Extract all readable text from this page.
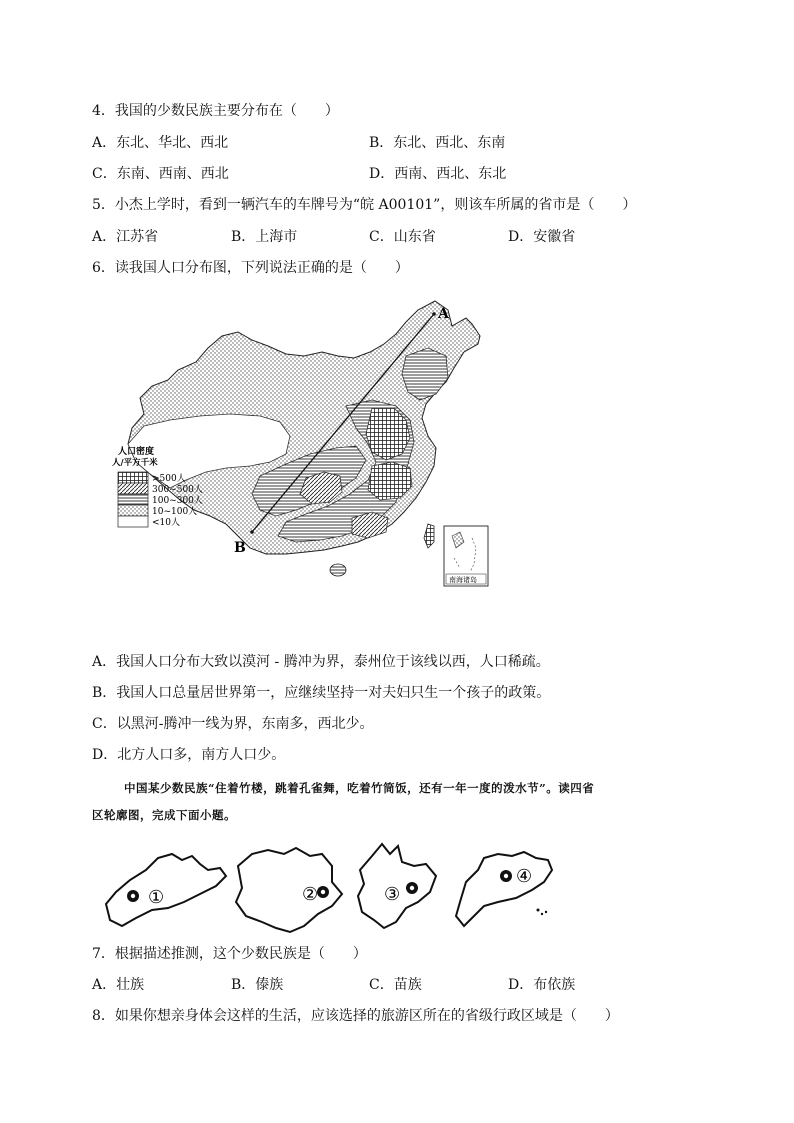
4．我国的少数民族主要分布在（　　）
A．东北、华北、西北	B．东北、西北、东南
C．东南、西南、西北	D．西南、西北、东北
5．小杰上学时，看到一辆汽车的车牌号为“皖 A00101”，则该车所属的省市是（　　）
A．江苏省	B．上海市	C．山东省	D．安徽省
6．读我国人口分布图，下列说法正确的是（　　）
A
B
人口密度
人/平方千米
>500人
300~500人
100~300人
10~100人
<10人
南海诸岛
A．我国人口分布大致以漠河 - 腾冲为界，泰州位于该线以西，人口稀疏。
B．我国人口总量居世界第一，应继续坚持一对夫妇只生一个孩子的政策。
C．以黑河-腾冲一线为界，东南多，西北少。
D．北方人口多，南方人口少。
中国某少数民族“住着竹楼，跳着孔雀舞，吃着竹筒饭，还有一年一度的泼水节”。读四省
区轮廓图，完成下面小题。
①	②	③
④
7．根据描述推测，这个少数民族是（　　）
A．壮族	B．傣族	C．苗族	D．布依族
8．如果你想亲身体会这样的生活，应该选择的旅游区所在的省级行政区域是（　　）
